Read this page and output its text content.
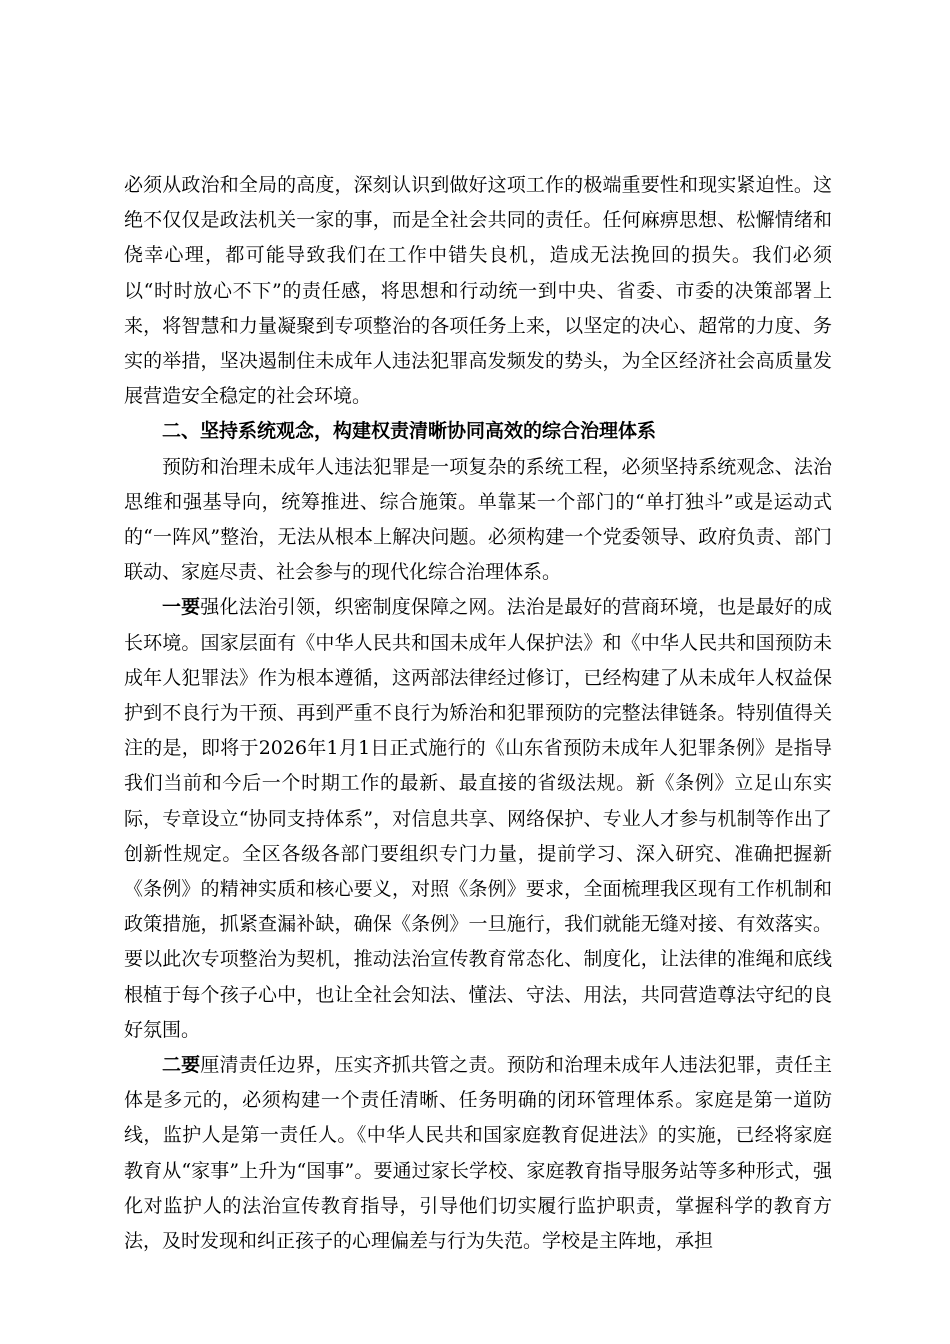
必须从政治和全局的高度，深刻认识到做好这项工作的极端重要性和现实紧迫性。这绝不仅仅是政法机关一家的事，而是全社会共同的责任。任何麻痹思想、松懈情绪和侥幸心理，都可能导致我们在工作中错失良机，造成无法挽回的损失。我们必须以“时时放心不下”的责任感，将思想和行动统一到中央、省委、市委的决策部署上来，将智慧和力量凝聚到专项整治的各项任务上来，以坚定的决心、超常的力度、务实的举措，坚决遏制住未成年人违法犯罪高发频发的势头，为全区经济社会高质量发展营造安全稳定的社会环境。

二、坚持系统观念，构建权责清晰协同高效的综合治理体系

预防和治理未成年人违法犯罪是一项复杂的系统工程，必须坚持系统观念、法治思维和强基导向，统筹推进、综合施策。单靠某一个部门的“单打独斗”或是运动式的“一阵风”整治，无法从根本上解决问题。必须构建一个党委领导、政府负责、部门联动、家庭尽责、社会参与的现代化综合治理体系。

一要强化法治引领，织密制度保障之网。法治是最好的营商环境，也是最好的成长环境。国家层面有《中华人民共和国未成年人保护法》和《中华人民共和国预防未成年人犯罪法》作为根本遵循，这两部法律经过修订，已经构建了从未成年人权益保护到不良行为干预、再到严重不良行为矫治和犯罪预防的完整法律链条。特别值得关注的是，即将于2026年1月1日正式施行的《山东省预防未成年人犯罪条例》是指导我们当前和今后一个时期工作的最新、最直接的省级法规。新《条例》立足山东实际，专章设立“协同支持体系”，对信息共享、网络保护、专业人才参与机制等作出了创新性规定。全区各级各部门要组织专门力量，提前学习、深入研究、准确把握新《条例》的精神实质和核心要义，对照《条例》要求，全面梳理我区现有工作机制和政策措施，抓紧查漏补缺，确保《条例》一旦施行，我们就能无缝对接、有效落实。要以此次专项整治为契机，推动法治宣传教育常态化、制度化，让法律的准绳和底线根植于每个孩子心中，也让全社会知法、懂法、守法、用法，共同营造尊法守纪的良好氛围。

二要厘清责任边界，压实齐抓共管之责。预防和治理未成年人违法犯罪，责任主体是多元的，必须构建一个责任清晰、任务明确的闭环管理体系。家庭是第一道防线，监护人是第一责任人。《中华人民共和国家庭教育促进法》的实施，已经将家庭教育从“家事”上升为“国事”。要通过家长学校、家庭教育指导服务站等多种形式，强化对监护人的法治宣传教育指导，引导他们切实履行监护职责，掌握科学的教育方法，及时发现和纠正孩子的心理偏差与行为失范。学校是主阵地，承担
